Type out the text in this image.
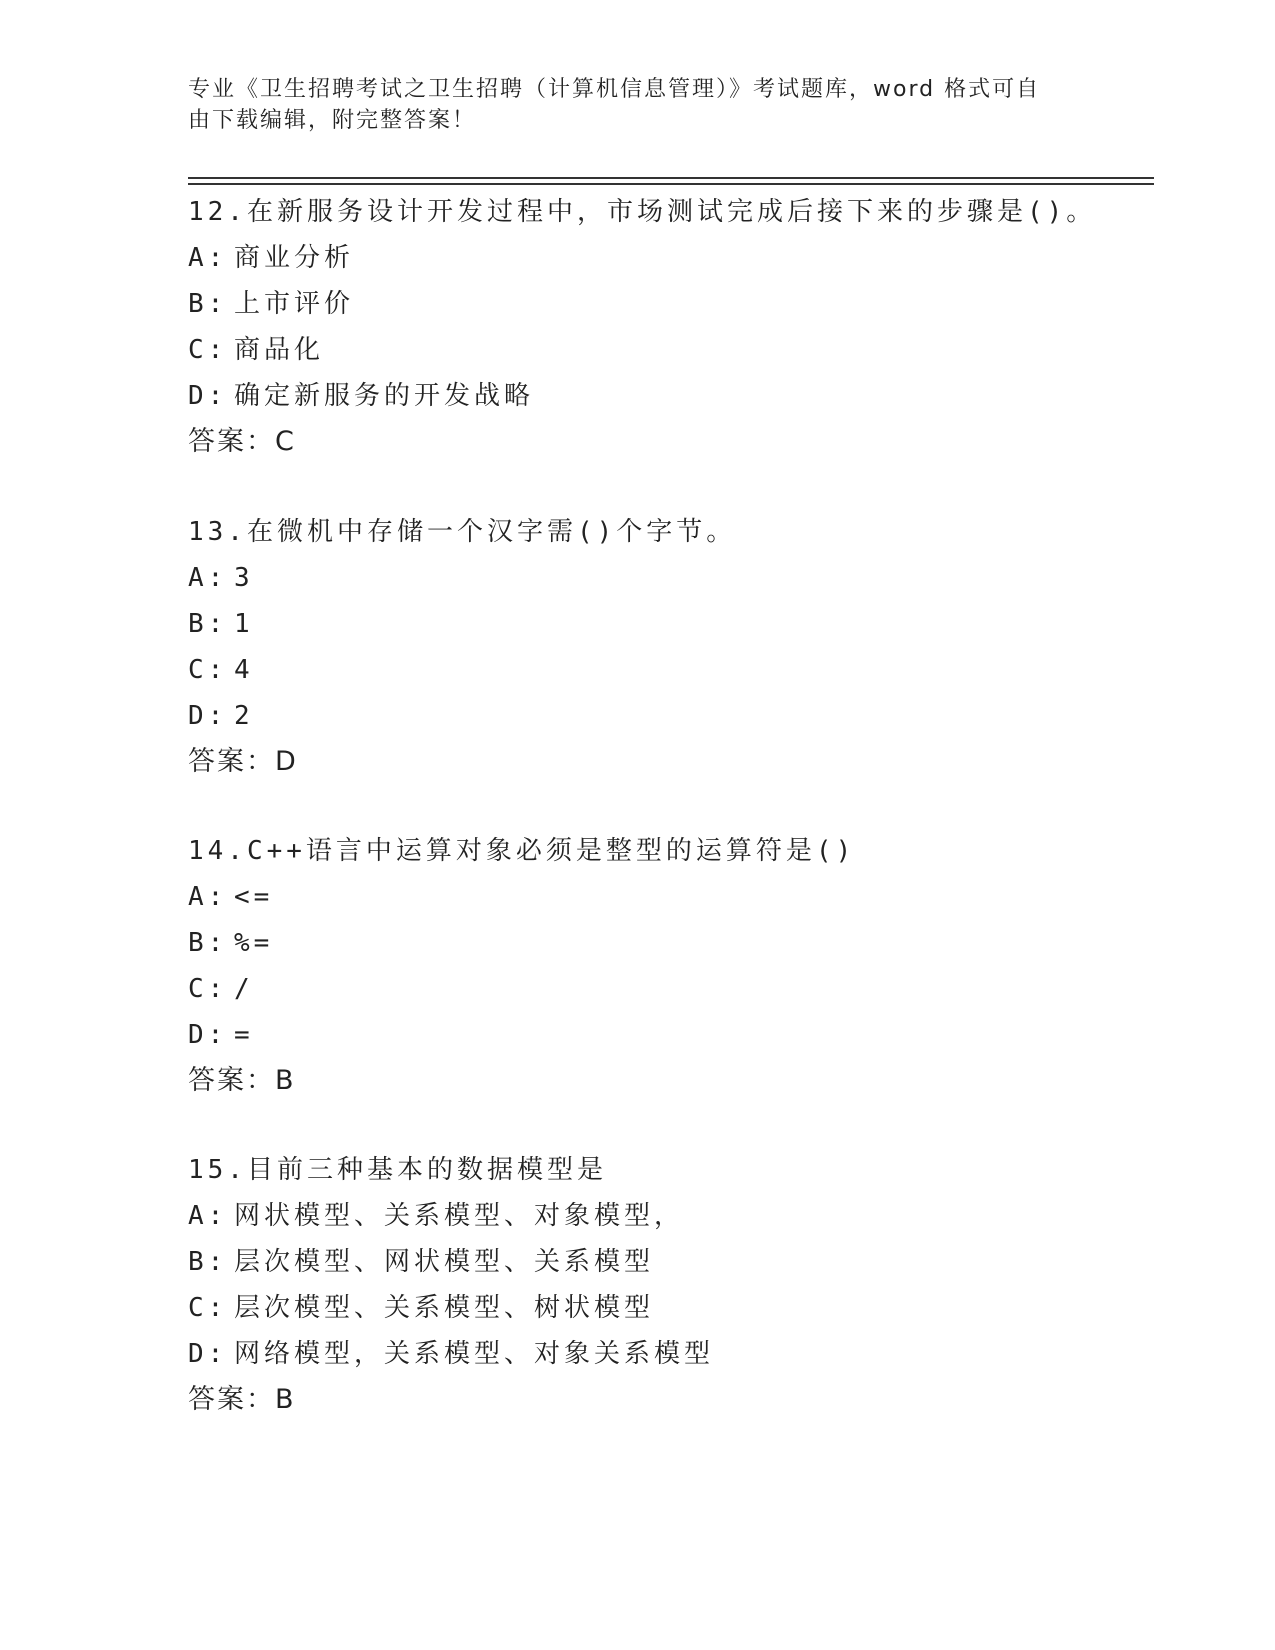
专业《卫生招聘考试之卫生招聘（计算机信息管理）》考试题库，word 格式可自
由下载编辑，附完整答案！
12.在新服务设计开发过程中，市场测试完成后接下来的步骤是()。
A: 商业分析
B: 上市评价
C: 商品化
D: 确定新服务的开发战略
答案：C
13.在微机中存储一个汉字需()个字节。
A: 3
B: 1
C: 4
D: 2
答案：D
14.C++语言中运算对象必须是整型的运算符是()
A: <=
B: %=
C: /
D: =
答案：B
15.目前三种基本的数据模型是
A: 网状模型、关系模型、对象模型，
B: 层次模型、网状模型、关系模型
C: 层次模型、关系模型、树状模型
D: 网络模型，关系模型、对象关系模型
答案：B
